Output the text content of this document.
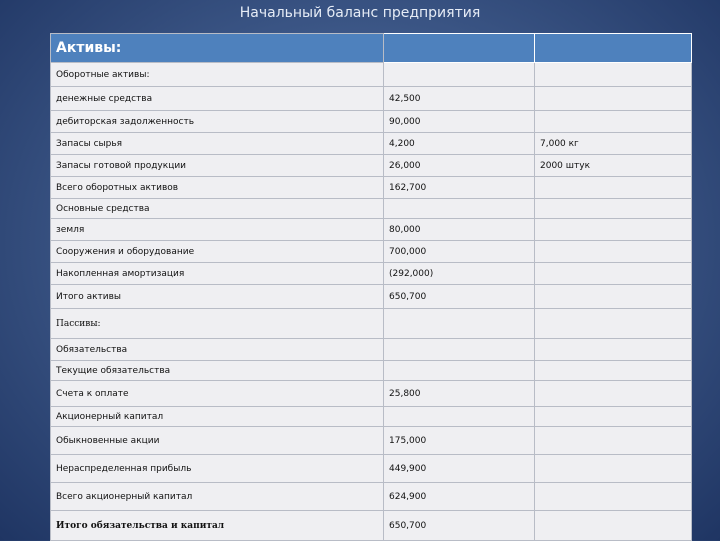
Начальный баланс предприятия
Активы:		
Оборотные активы:		
денежные средства	42,500	
дебиторская задолженность	90,000	
Запасы сырья	4,200	7,000 кг
Запасы готовой продукции	26,000	2000 штук
Всего оборотных активов	162,700	
Основные средства		
земля	80,000	
Сооружения и оборудование	700,000	
Накопленная амортизация	(292,000)	
Итого активы	650,700	
Пассивы:		
Обязательства		
Текущие обязательства		
Счета к оплате	25,800	
Акционерный капитал		
Обыкновенные акции	175,000	
Нераспределенная прибыль	449,900	
Всего акционерный капитал	624,900	
Итого обязательства и капитал	650,700	
